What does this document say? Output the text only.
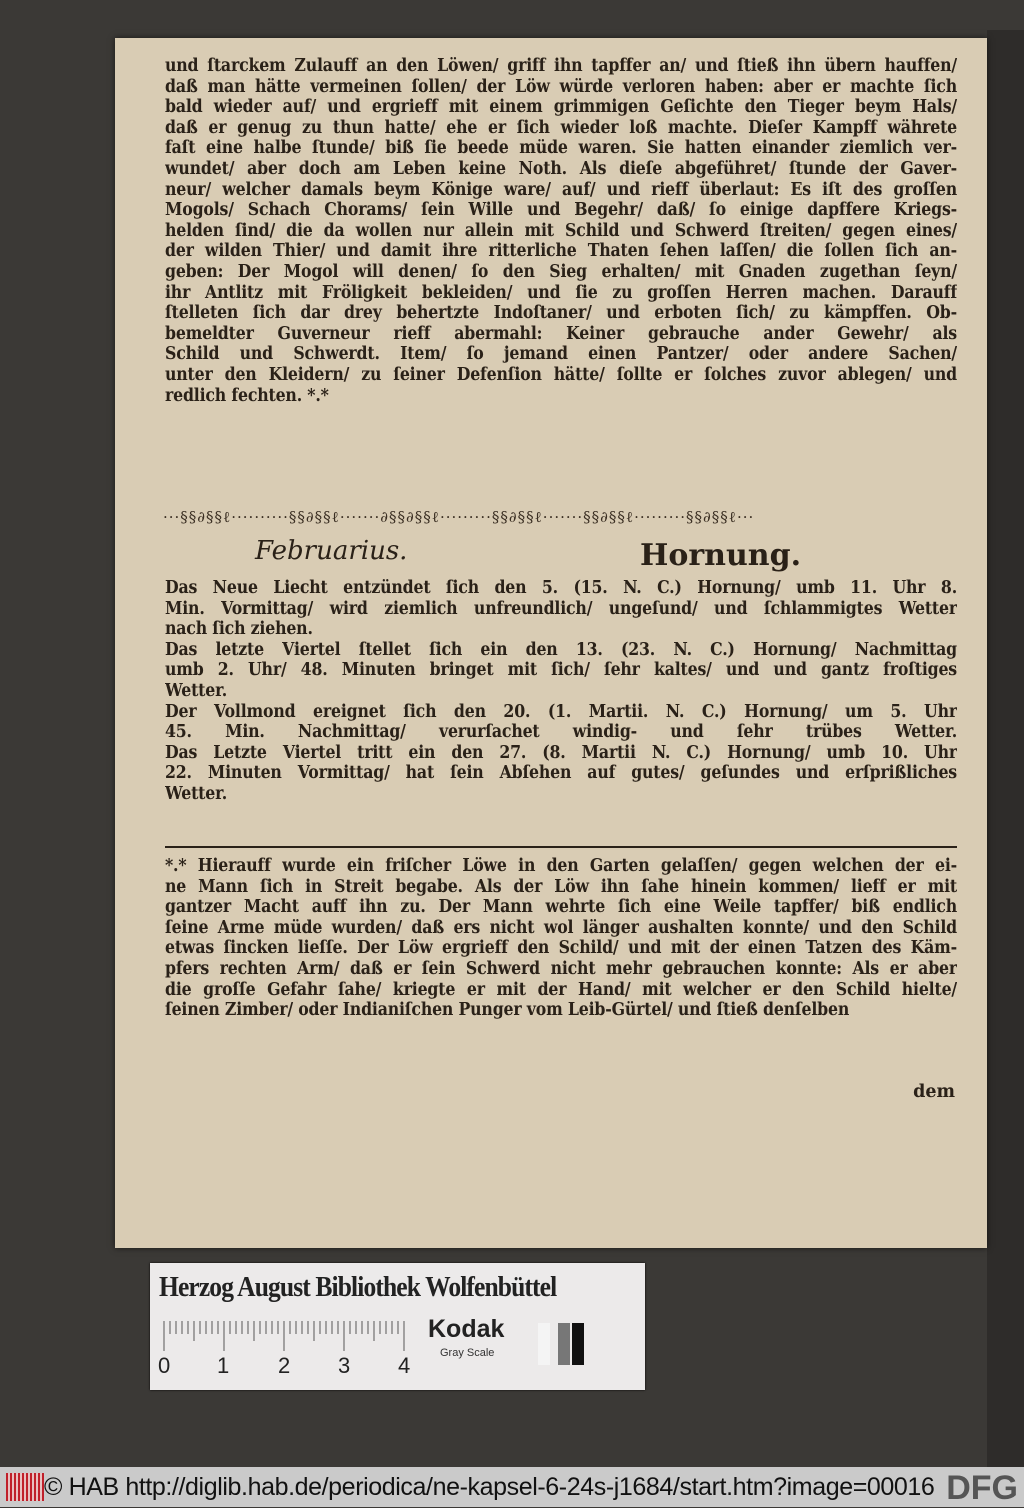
und ſtarckem Zulauff an den Löwen/ griff ihn tapffer an/ und ſtieß ihn übern hauffen/
daß man hätte vermeinen ſollen/ der Löw würde verloren haben: aber er machte ſich
bald wieder auf/ und ergrieff mit einem grimmigen Geſichte den Tieger beym Hals/
daß er genug zu thun hatte/ ehe er ſich wieder loß machte. Dieſer Kampff währete
faſt eine halbe ſtunde/ biß ſie beede müde waren. Sie hatten einander ziemlich ver-
wundet/ aber doch am Leben keine Noth. Als dieſe abgeführet/ ſtunde der Gaver-
neur/ welcher damals beym Könige ware/ auf/ und rieff überlaut: Es iſt des groſſen
Mogols/ Schach Chorams/ ſein Wille und Begehr/ daß/ ſo einige dapffere Kriegs-
helden ſind/ die da wollen nur allein mit Schild und Schwerd ſtreiten/ gegen eines/
der wilden Thier/ und damit ihre ritterliche Thaten ſehen laſſen/ die ſollen ſich an-
geben: Der Mogol will denen/ ſo den Sieg erhalten/ mit Gnaden zugethan ſeyn/
ihr Antlitz mit Fröligkeit bekleiden/ und ſie zu groſſen Herren machen. Darauff
ſtelleten ſich dar drey behertzte Indoſtaner/ und erboten ſich/ zu kämpffen. Ob-
bemeldter Guverneur rieff abermahl: Keiner gebrauche ander Gewehr/ als
Schild und Schwerdt. Item/ ſo jemand einen Pantzer/ oder andere Sachen/
unter den Kleidern/ zu ſeiner Defenſion hätte/ ſollte er ſolches zuvor ablegen/ und
redlich fechten. *.*
···§§∂§§ℓ··········§§∂§§ℓ·······∂§§∂§§ℓ·········§§∂§§ℓ·······§§∂§§ℓ·········§§∂§§ℓ···
Februarius.	Hornung.
Das Neue Liecht entzündet ſich den 5. (15. N. C.) Hornung/ umb 11. Uhr 8.
Min. Vormittag/ wird ziemlich unfreundlich/ ungeſund/ und ſchlammigtes Wetter
nach ſich ziehen.
Das letzte Viertel ſtellet ſich ein den 13. (23. N. C.) Hornung/ Nachmittag
umb 2. Uhr/ 48. Minuten bringet mit ſich/ ſehr kaltes/ und und gantz froſtiges
Wetter.
Der Vollmond ereignet ſich den 20. (1. Martii. N. C.) Hornung/ um 5. Uhr
45. Min. Nachmittag/ verurſachet windig- und ſehr trübes Wetter.
Das Letzte Viertel tritt ein den 27. (8. Martii N. C.) Hornung/ umb 10. Uhr
22. Minuten Vormittag/ hat ſein Abſehen auf gutes/ geſundes und erſprißliches
Wetter.
*.* Hierauff wurde ein friſcher Löwe in den Garten gelaſſen/ gegen welchen der ei-
ne Mann ſich in Streit begabe. Als der Löw ihn ſahe hinein kommen/ lieff er mit
gantzer Macht auff ihn zu. Der Mann wehrte ſich eine Weile tapffer/ biß endlich
ſeine Arme müde wurden/ daß ers nicht wol länger aushalten konnte/ und den Schild
etwas ſincken lieſſe. Der Löw ergrieff den Schild/ und mit der einen Tatzen des Käm-
pfers rechten Arm/ daß er ſein Schwerd nicht mehr gebrauchen konnte: Als er aber
die groſſe Gefahr ſahe/ kriegte er mit der Hand/ mit welcher er den Schild hielte/
ſeinen Zimber/ oder Indianiſchen Punger vom Leib-Gürtel/ und ſtieß denſelben
dem
Herzog August Bibliothek Wolfenbüttel
0 1 2 3 4
Kodak
Gray Scale
© HAB http://diglib.hab.de/periodica/ne-kapsel-6-24s-j1684/start.htm?image=00016 DFG
